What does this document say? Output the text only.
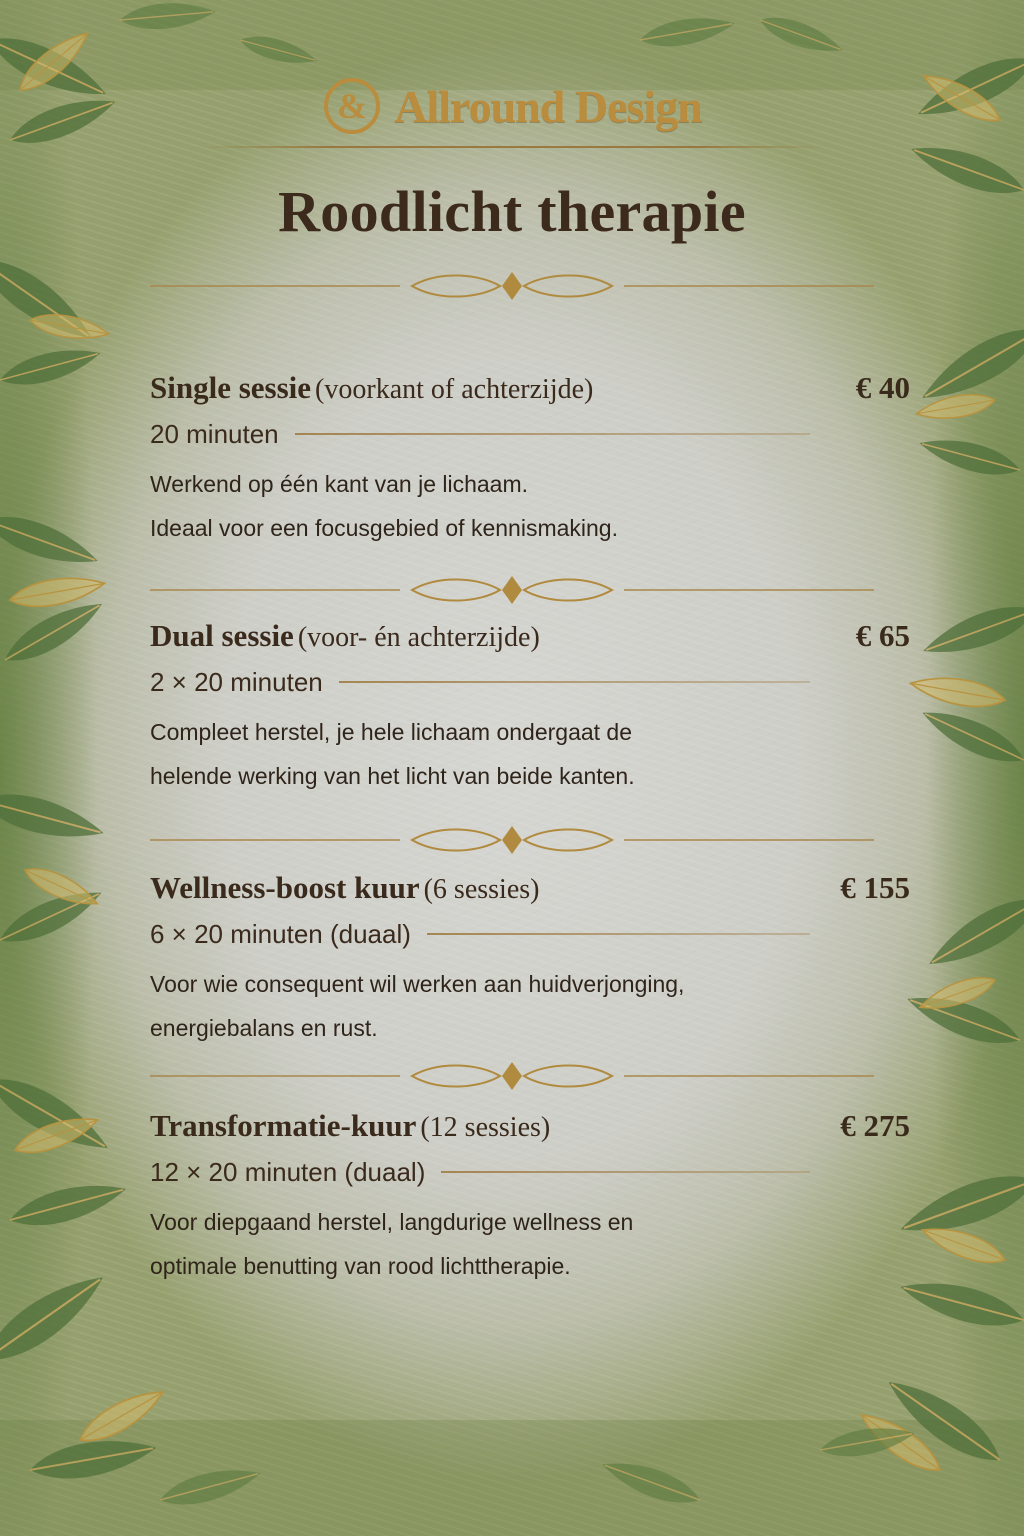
& Allround Design
Roodlicht therapie
Single sessie (voorkant of achterzijde)	€ 40
20 minuten
Werkend op één kant van je lichaam.
Ideaal voor een focusgebied of kennismaking.
Dual sessie (voor- én achterzijde)	€ 65
2 × 20 minuten
Compleet herstel, je hele lichaam ondergaat de
helende werking van het licht van beide kanten.
Wellness-boost kuur (6 sessies)	€ 155
6 × 20 minuten (duaal)
Voor wie consequent wil werken aan huidverjonging,
energiebalans en rust.
Transformatie-kuur (12 sessies)	€ 275
12 × 20 minuten (duaal)
Voor diepgaand herstel, langdurige wellness en
optimale benutting van rood lichttherapie.
